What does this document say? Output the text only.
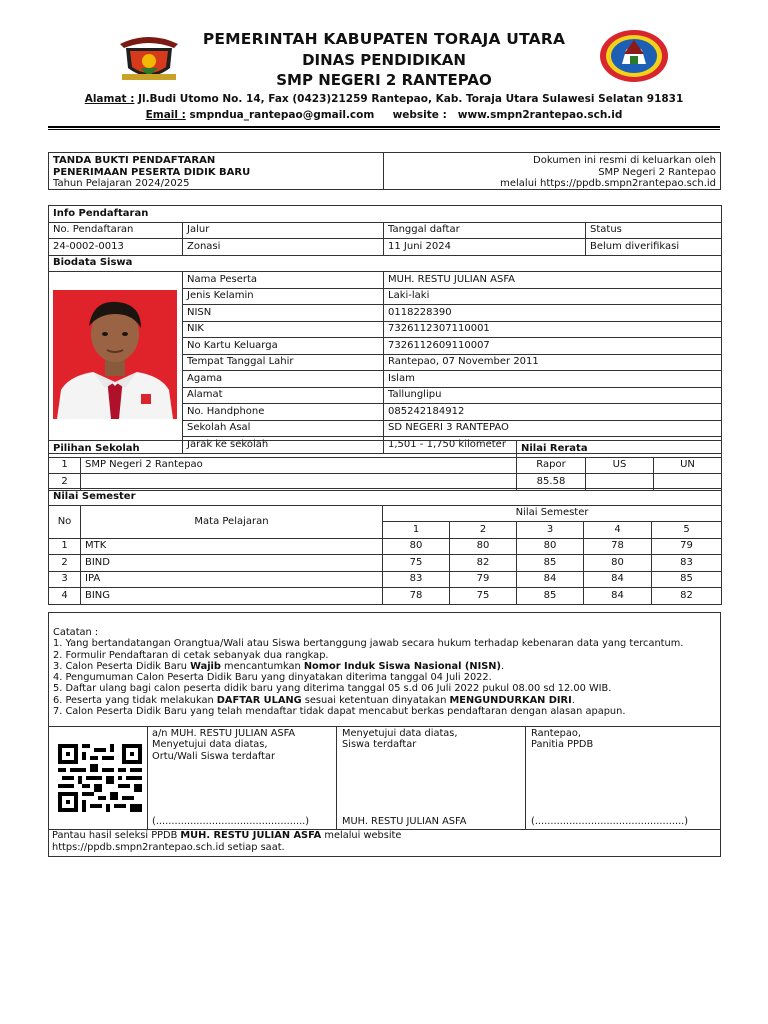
PEMERINTAH KABUPATEN TORAJA UTARA
DINAS PENDIDIKAN
SMP NEGERI 2 RANTEPAO
Alamat : Jl.Budi Utomo No. 14, Fax (0423)21259 Rantepao, Kab. Toraja Utara Sulawesi Selatan 91831
Email : smpndua_rantepao@gmail.com website : www.smpn2rantepao.sch.id
TANDA BUKTI PENDAFTARAN
PENERIMAAN PESERTA DIDIK BARU
Tahun Pelajaran 2024/2025
Dokumen ini resmi di keluarkan oleh
SMP Negeri 2 Rantepao
melalui https://ppdb.smpn2rantepao.sch.id
Info Pendaftaran			
No. Pendaftaran	Jalur	Tanggal daftar	Status
24-0002-0013	Zonasi	11 Juni 2024	Belum diverifikasi
Biodata Siswa			
	Nama Peserta	MUH. RESTU JULIAN ASFA	
	Jenis Kelamin	Laki-laki	
	NISN	0118228390	
	NIK	7326112307110001	
	No Kartu Keluarga	7326112609110007	
	Tempat Tanggal Lahir	Rantepao, 07 November 2011	
	Agama	Islam	
	Alamat	Tallunglipu	
	No. Handphone	085242184912	
	Sekolah Asal	SD NEGERI 3 RANTEPAO	
	Jarak ke sekolah	1,501 - 1,750 kilometer	
Pilihan Sekolah		Nilai Rerata		
1	SMP Negeri 2 Rantepao	Rapor	US	UN
2		85.58		
Nilai Semester						
No	Mata Pelajaran	Nilai Semester				
		1	2	3	4	5
1	MTK	80	80	80	78	79
2	BIND	75	82	85	80	83
3	IPA	83	79	84	84	85
4	BING	78	75	85	84	82
Catatan :
1. Yang bertandatangan Orangtua/Wali atau Siswa bertanggung jawab secara hukum terhadap kebenaran data yang tercantum.
2. Formulir Pendaftaran di cetak sebanyak dua rangkap.
3. Calon Peserta Didik Baru Wajib mencantumkan Nomor Induk Siswa Nasional (NISN).
4. Pengumuman Calon Peserta Didik Baru yang dinyatakan diterima tanggal 04 Juli 2022.
5. Daftar ulang bagi calon peserta didik baru yang diterima tanggal 05 s.d 06 Juli 2022 pukul 08.00 sd 12.00 WIB.
6. Peserta yang tidak melakukan DAFTAR ULANG sesuai ketentuan dinyatakan MENGUNDURKAN DIRI.
7. Calon Peserta Didik Baru yang telah mendaftar tidak dapat mencabut berkas pendaftaran dengan alasan apapun.
a/n MUH. RESTU JULIAN ASFA
Menyetujui data diatas,
Ortu/Wali Siswa terdaftar
(................................................)
Menyetujui data diatas,
Siswa terdaftar
MUH. RESTU JULIAN ASFA
Rantepao,
Panitia PPDB
(................................................)
Pantau hasil seleksi PPDB MUH. RESTU JULIAN ASFA melalui website
https://ppdb.smpn2rantepao.sch.id setiap saat.
